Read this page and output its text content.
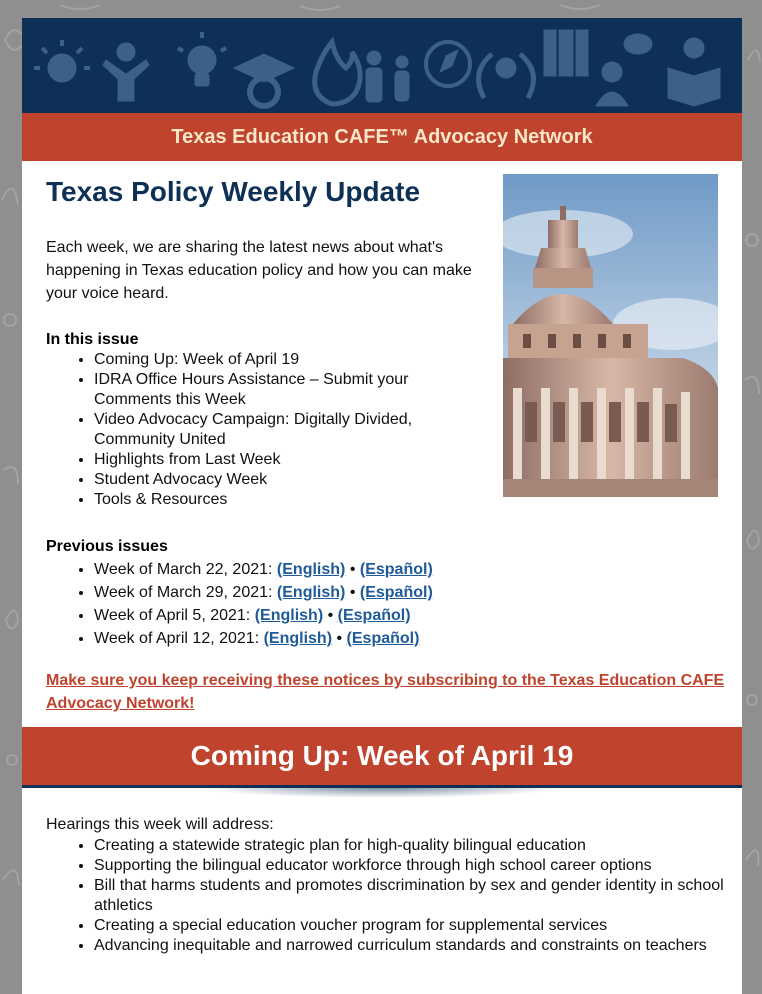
Texas Education CAFE™ Advocacy Network
Texas Policy Weekly Update
Each week, we are sharing the latest news about what's happening in Texas education policy and how you can make your voice heard.
In this issue
• Coming Up: Week of April 19
• IDRA Office Hours Assistance – Submit your Comments this Week
• Video Advocacy Campaign: Digitally Divided, Community United
• Highlights from Last Week
• Student Advocacy Week
• Tools & Resources
Previous issues
• Week of March 22, 2021: (English) • (Español)
• Week of March 29, 2021: (English) • (Español)
• Week of April 5, 2021: (English) • (Español)
• Week of April 12, 2021: (English) • (Español)
Make sure you keep receiving these notices by subscribing to the Texas Education CAFE Advocacy Network!
Coming Up: Week of April 19
Hearings this week will address:
• Creating a statewide strategic plan for high-quality bilingual education
• Supporting the bilingual educator workforce through high school career options
• Bill that harms students and promotes discrimination by sex and gender identity in school athletics
• Creating a special education voucher program for supplemental services
• Advancing inequitable and narrowed curriculum standards and constraints on teachers
